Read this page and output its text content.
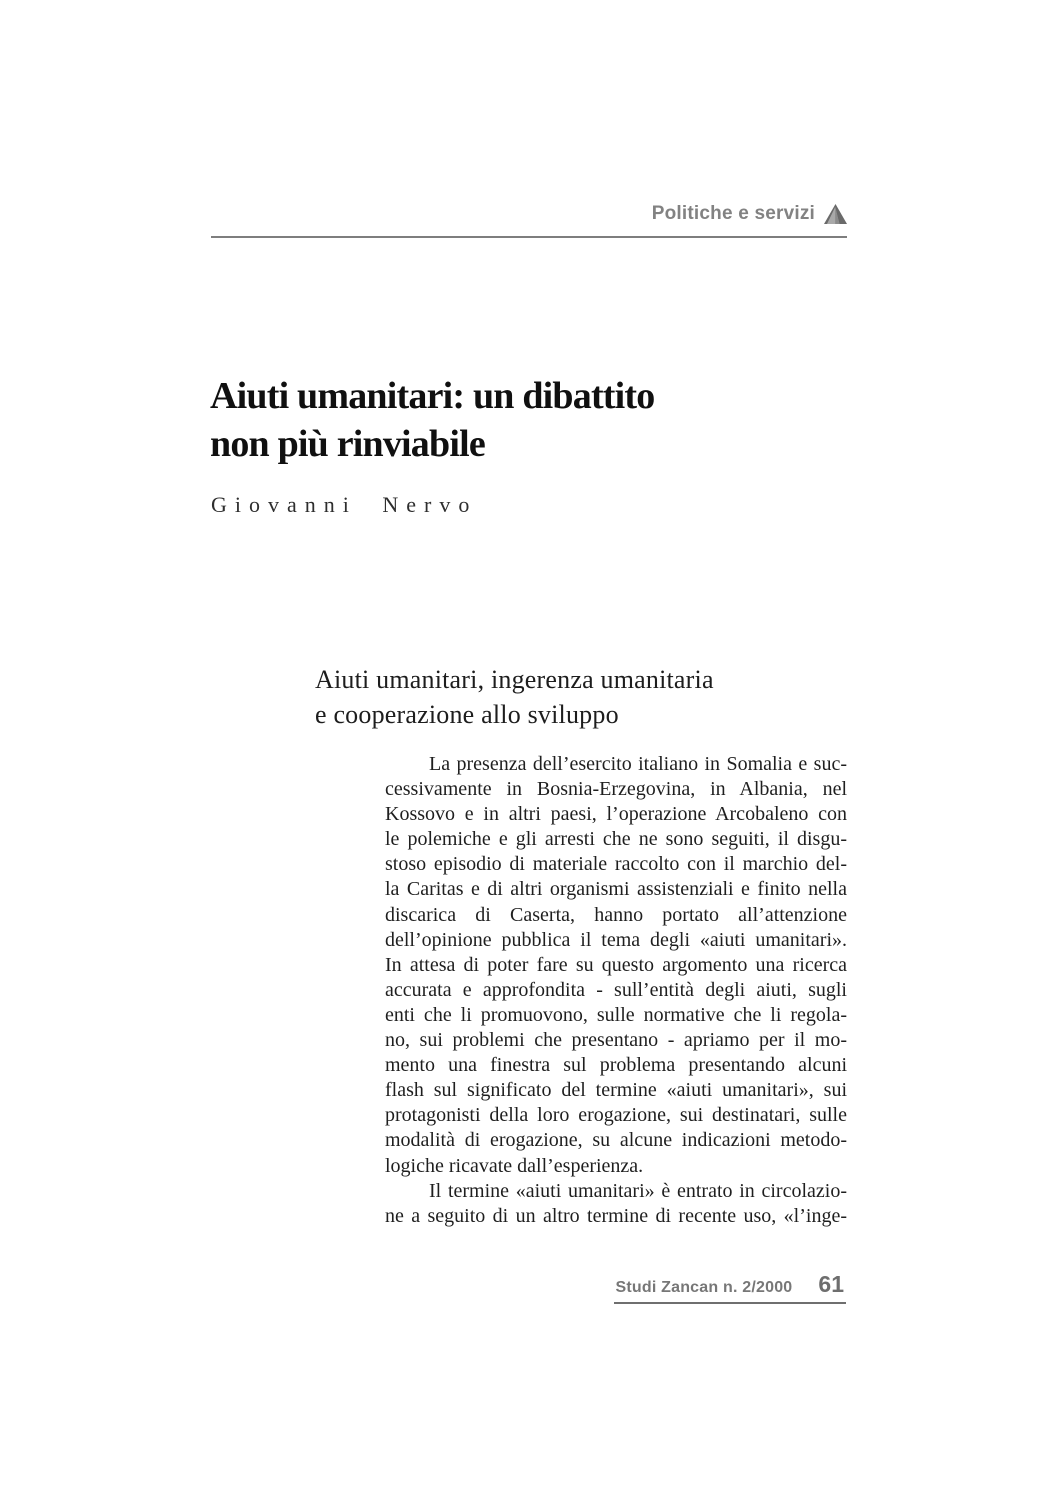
Politiche e servizi
Aiuti umanitari: un dibattito
non più rinviabile
Giovanni Nervo
Aiuti umanitari, ingerenza umanitaria
e cooperazione allo sviluppo
La presenza dell’esercito italiano in Somalia e suc-
cessivamente in Bosnia-Erzegovina, in Albania, nel
Kossovo e in altri paesi, l’operazione Arcobaleno con
le polemiche e gli arresti che ne sono seguiti, il disgu-
stoso episodio di materiale raccolto con il marchio del-
la Caritas e di altri organismi assistenziali e finito nella
discarica di Caserta, hanno portato all’attenzione
dell’opinione pubblica il tema degli «aiuti umanitari».
In attesa di poter fare su questo argomento una ricerca
accurata e approfondita - sull’entità degli aiuti, sugli
enti che li promuovono, sulle normative che li regola-
no, sui problemi che presentano - apriamo per il mo-
mento una finestra sul problema presentando alcuni
flash sul significato del termine «aiuti umanitari», sui
protagonisti della loro erogazione, sui destinatari, sulle
modalità di erogazione, su alcune indicazioni metodo-
logiche ricavate dall’esperienza.
Il termine «aiuti umanitari» è entrato in circolazio-
ne a seguito di un altro termine di recente uso, «l’inge-
Studi Zancan n. 2/2000 61
